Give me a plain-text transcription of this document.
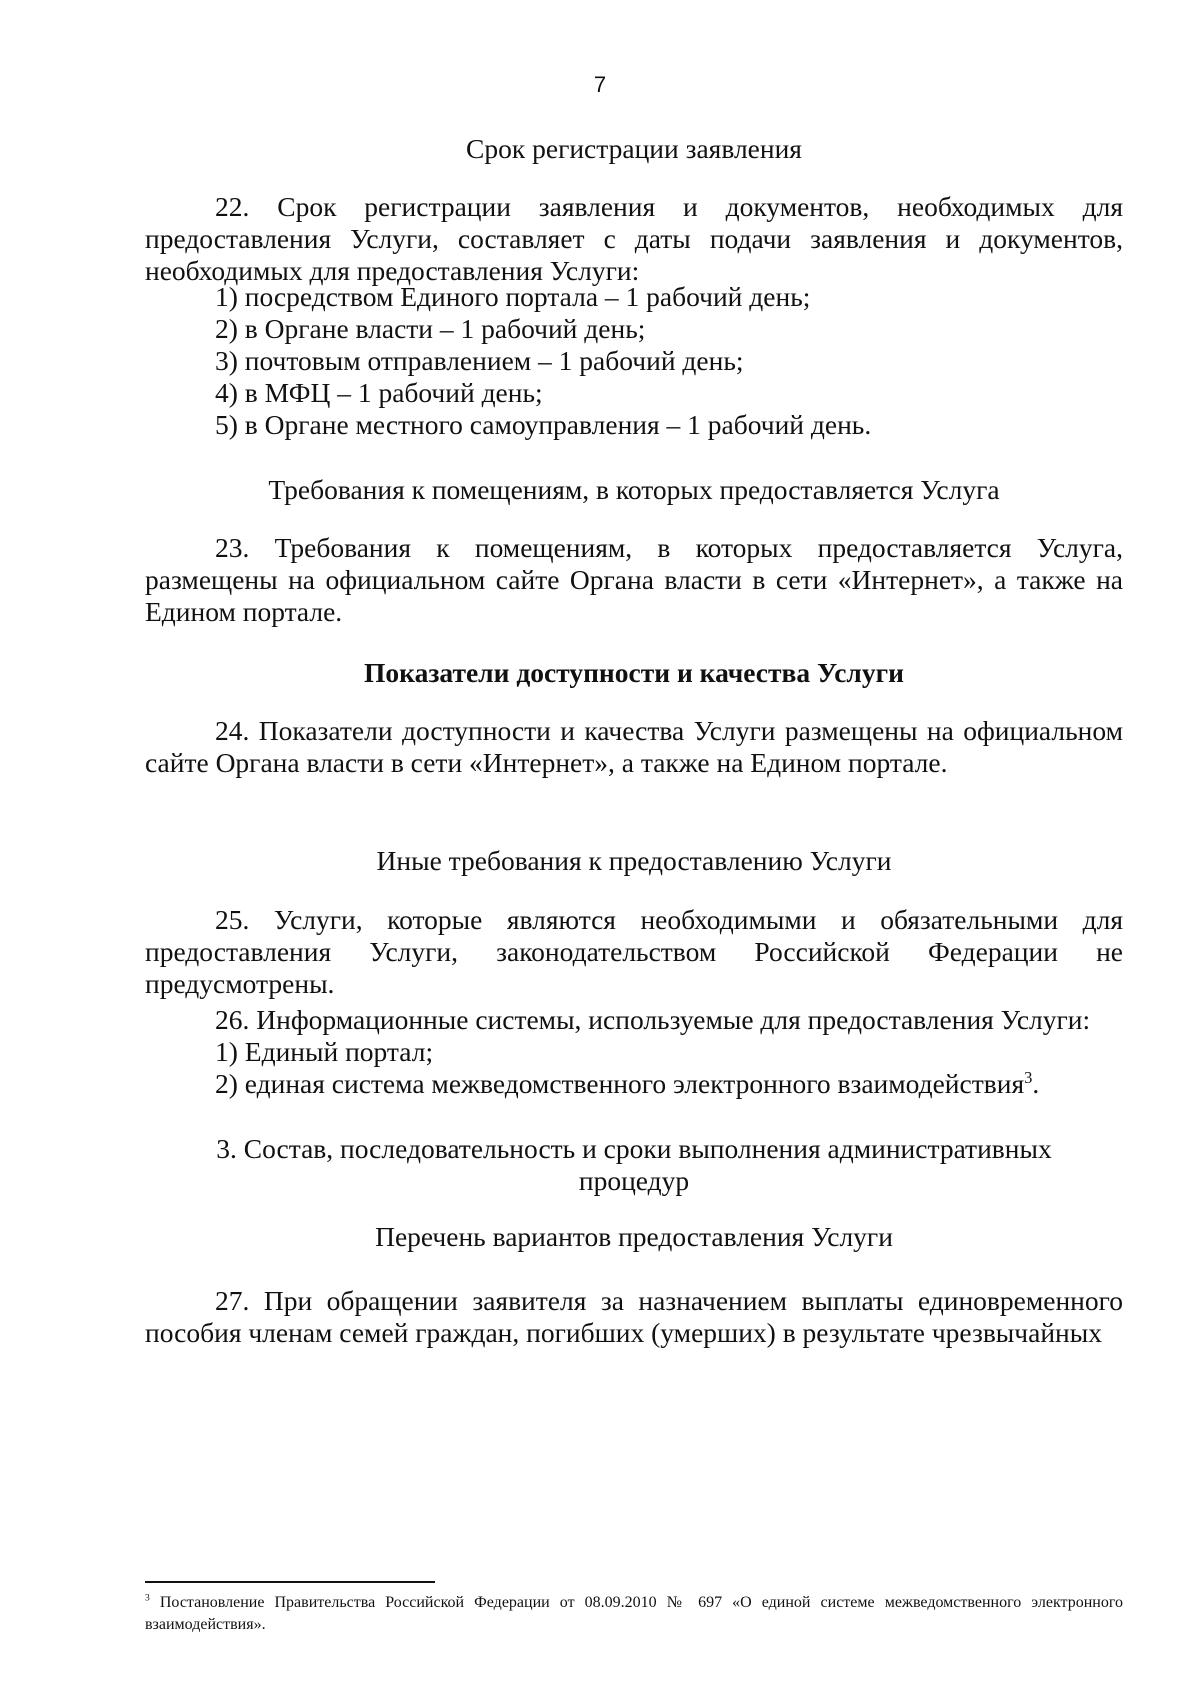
7
Срок регистрации заявления
22. Срок регистрации заявления и документов, необходимых для предоставления Услуги, составляет с даты подачи заявления и документов, необходимых для предоставления Услуги:
1) посредством Единого портала – 1 рабочий день;
2) в Органе власти – 1 рабочий день;
3) почтовым отправлением – 1 рабочий день;
4) в МФЦ – 1 рабочий день;
5) в Органе местного самоуправления – 1 рабочий день.
Требования к помещениям, в которых предоставляется Услуга
23. Требования к помещениям, в которых предоставляется Услуга, размещены на официальном сайте Органа власти в сети «Интернет», а также на Едином портале.
Показатели доступности и качества Услуги
24. Показатели доступности и качества Услуги размещены на официальном сайте Органа власти в сети «Интернет», а также на Едином портале.
Иные требования к предоставлению Услуги
25. Услуги, которые являются необходимыми и обязательными для предоставления Услуги, законодательством Российской Федерации не предусмотрены.
26. Информационные системы, используемые для предоставления Услуги:
1) Единый портал;
2) единая система межведомственного электронного взаимодействия$^3$.
3. Состав, последовательность и сроки выполнения административных
процедур
Перечень вариантов предоставления Услуги
27. При обращении заявителя за назначением выплаты единовременного пособия членам семей граждан, погибших (умерших) в результате чрезвычайных
$^3$ Постановление Правительства Российской Федерации от 08.09.2010 № 697 «О единой системе межведомственного электронного взаимодействия».
